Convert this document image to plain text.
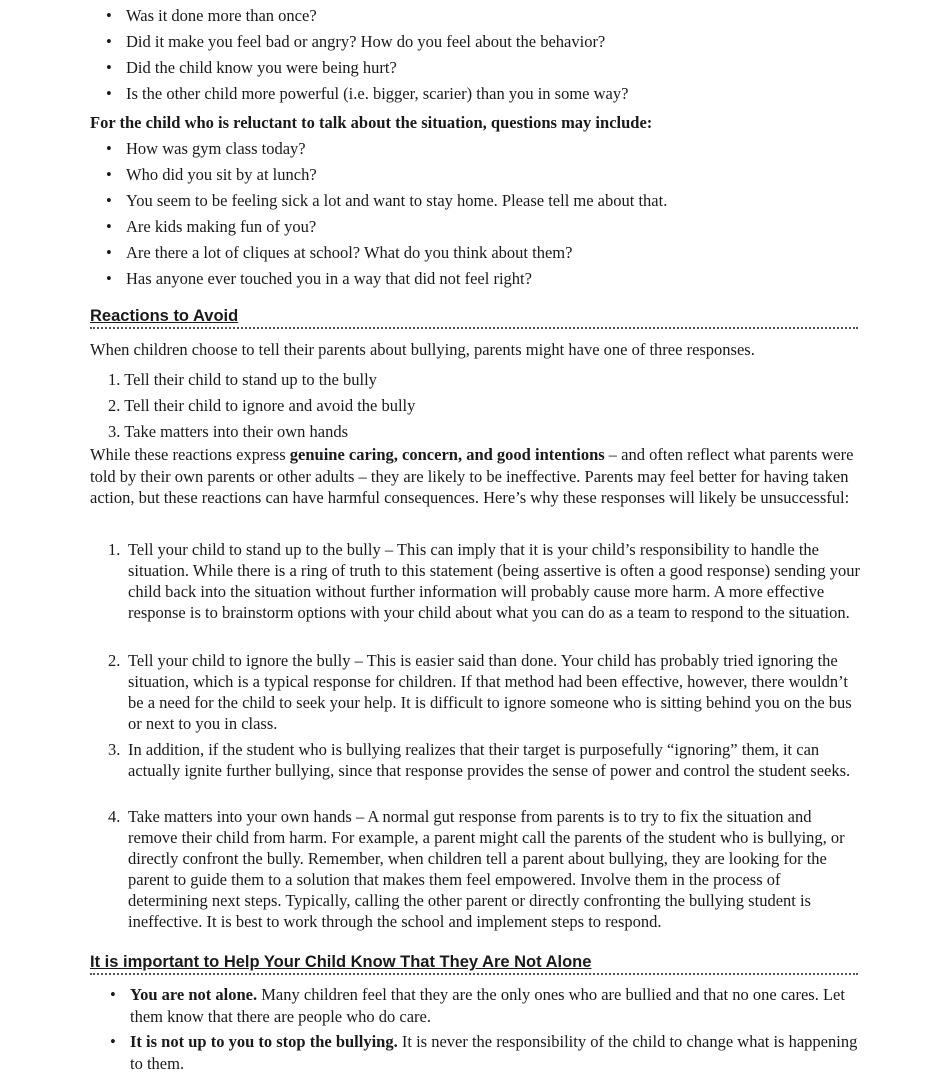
• Was it done more than once?
• Did it make you feel bad or angry? How do you feel about the behavior?
• Did the child know you were being hurt?
• Is the other child more powerful (i.e. bigger, scarier) than you in some way?
For the child who is reluctant to talk about the situation, questions may include:
• How was gym class today?
• Who did you sit by at lunch?
• You seem to be feeling sick a lot and want to stay home. Please tell me about that.
• Are kids making fun of you?
• Are there a lot of cliques at school? What do you think about them?
• Has anyone ever touched you in a way that did not feel right?
Reactions to Avoid

When children choose to tell their parents about bullying, parents might have one of three responses.

1. Tell their child to stand up to the bully
2. Tell their child to ignore and avoid the bully
3. Take matters into their own hands

While these reactions express genuine caring, concern, and good intentions – and often reflect what parents were told by their own parents or other adults – they are likely to be ineffective. Parents may feel better for having taken action, but these reactions can have harmful consequences. Here’s why these responses will likely be unsuccessful:

1. Tell your child to stand up to the bully – This can imply that it is your child’s responsibility to handle the situation. While there is a ring of truth to this statement (being assertive is often a good response) sending your child back into the situation without further information will probably cause more harm. A more effective response is to brainstorm options with your child about what you can do as a team to respond to the situation.
2. Tell your child to ignore the bully – This is easier said than done. Your child has probably tried ignoring the situation, which is a typical response for children. If that method had been effective, however, there wouldn’t be a need for the child to seek your help. It is difficult to ignore someone who is sitting behind you on the bus or next to you in class.
3. In addition, if the student who is bullying realizes that their target is purposefully “ignoring” them, it can actually ignite further bullying, since that response provides the sense of power and control the student seeks.
4. Take matters into your own hands – A normal gut response from parents is to try to fix the situation and remove their child from harm. For example, a parent might call the parents of the student who is bullying, or directly confront the bully. Remember, when children tell a parent about bullying, they are looking for the parent to guide them to a solution that makes them feel empowered. Involve them in the process of determining next steps. Typically, calling the other parent or directly confronting the bullying student is ineffective. It is best to work through the school and implement steps to respond.
It is important to Help Your Child Know That They Are Not Alone
• You are not alone. Many children feel that they are the only ones who are bullied and that no one cares. Let them know that there are people who do care.
• It is not up to you to stop the bullying. It is never the responsibility of the child to change what is happening to them.
